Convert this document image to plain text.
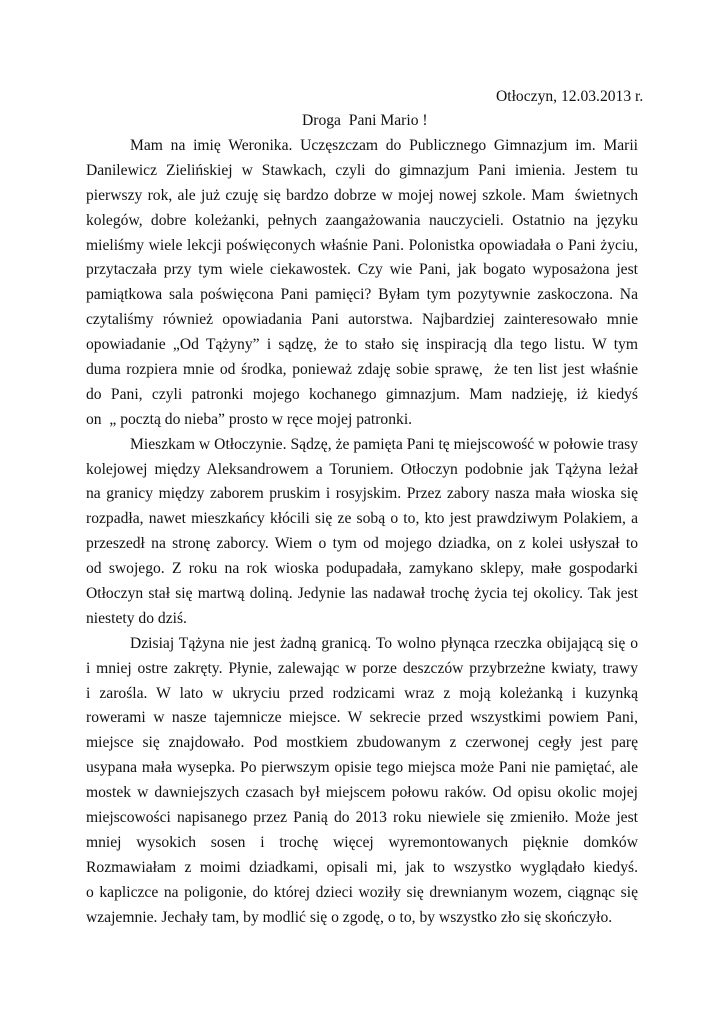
Otłoczyn, 12.03.2013 r.
Droga  Pani Mario !
Mam na imię Weronika. Uczęszczam do Publicznego Gimnazjum im. Marii
Danilewicz Zielińskiej w Stawkach, czyli do gimnazjum Pani imienia. Jestem tu
pierwszy rok, ale już czuję się bardzo dobrze w mojej nowej szkole. Mam  świetnych
kolegów, dobre koleżanki, pełnych zaangażowania nauczycieli. Ostatnio na języku
mieliśmy wiele lekcji poświęconych właśnie Pani. Polonistka opowiadała o Pani życiu,
przytaczała przy tym wiele ciekawostek. Czy wie Pani, jak bogato wyposażona jest
pamiątkowa sala poświęcona Pani pamięci? Byłam tym pozytywnie zaskoczona. Na
czytaliśmy również opowiadania Pani autorstwa. Najbardziej zainteresowało mnie
opowiadanie „Od Tążyny” i sądzę, że to stało się inspiracją dla tego listu. W tym
duma rozpiera mnie od środka, ponieważ zdaję sobie sprawę,  że ten list jest właśnie
do Pani, czyli patronki mojego kochanego gimnazjum. Mam nadzieję, iż kiedyś
on  „ pocztą do nieba” prosto w ręce mojej patronki.
Mieszkam w Otłoczynie. Sądzę, że pamięta Pani tę miejscowość w połowie trasy
kolejowej między Aleksandrowem a Toruniem. Otłoczyn podobnie jak Tążyna leżał
na granicy między zaborem pruskim i rosyjskim. Przez zabory nasza mała wioska się
rozpadła, nawet mieszkańcy kłócili się ze sobą o to, kto jest prawdziwym Polakiem, a
przeszedł na stronę zaborcy. Wiem o tym od mojego dziadka, on z kolei usłyszał to
od swojego. Z roku na rok wioska podupadała, zamykano sklepy, małe gospodarki
Otłoczyn stał się martwą doliną. Jedynie las nadawał trochę życia tej okolicy. Tak jest
niestety do dziś.
Dzisiaj Tążyna nie jest żadną granicą. To wolno płynąca rzeczka obijającą się o
i mniej ostre zakręty. Płynie, zalewając w porze deszczów przybrzeżne kwiaty, trawy
i zarośla. W lato w ukryciu przed rodzicami wraz z moją koleżanką i kuzynką
rowerami w nasze tajemnicze miejsce. W sekrecie przed wszystkimi powiem Pani,
miejsce się znajdowało. Pod mostkiem zbudowanym z czerwonej cegły jest parę
usypana mała wysepka. Po pierwszym opisie tego miejsca może Pani nie pamiętać, ale
mostek w dawniejszych czasach był miejscem połowu raków. Od opisu okolic mojej
miejscowości napisanego przez Panią do 2013 roku niewiele się zmieniło. Może jest
mniej wysokich sosen i trochę więcej wyremontowanych pięknie domków
Rozmawiałam z moimi dziadkami, opisali mi, jak to wszystko wyglądało kiedyś.
o kapliczce na poligonie, do której dzieci woziły się drewnianym wozem, ciągnąc się
wzajemnie. Jechały tam, by modlić się o zgodę, o to, by wszystko zło się skończyło.
